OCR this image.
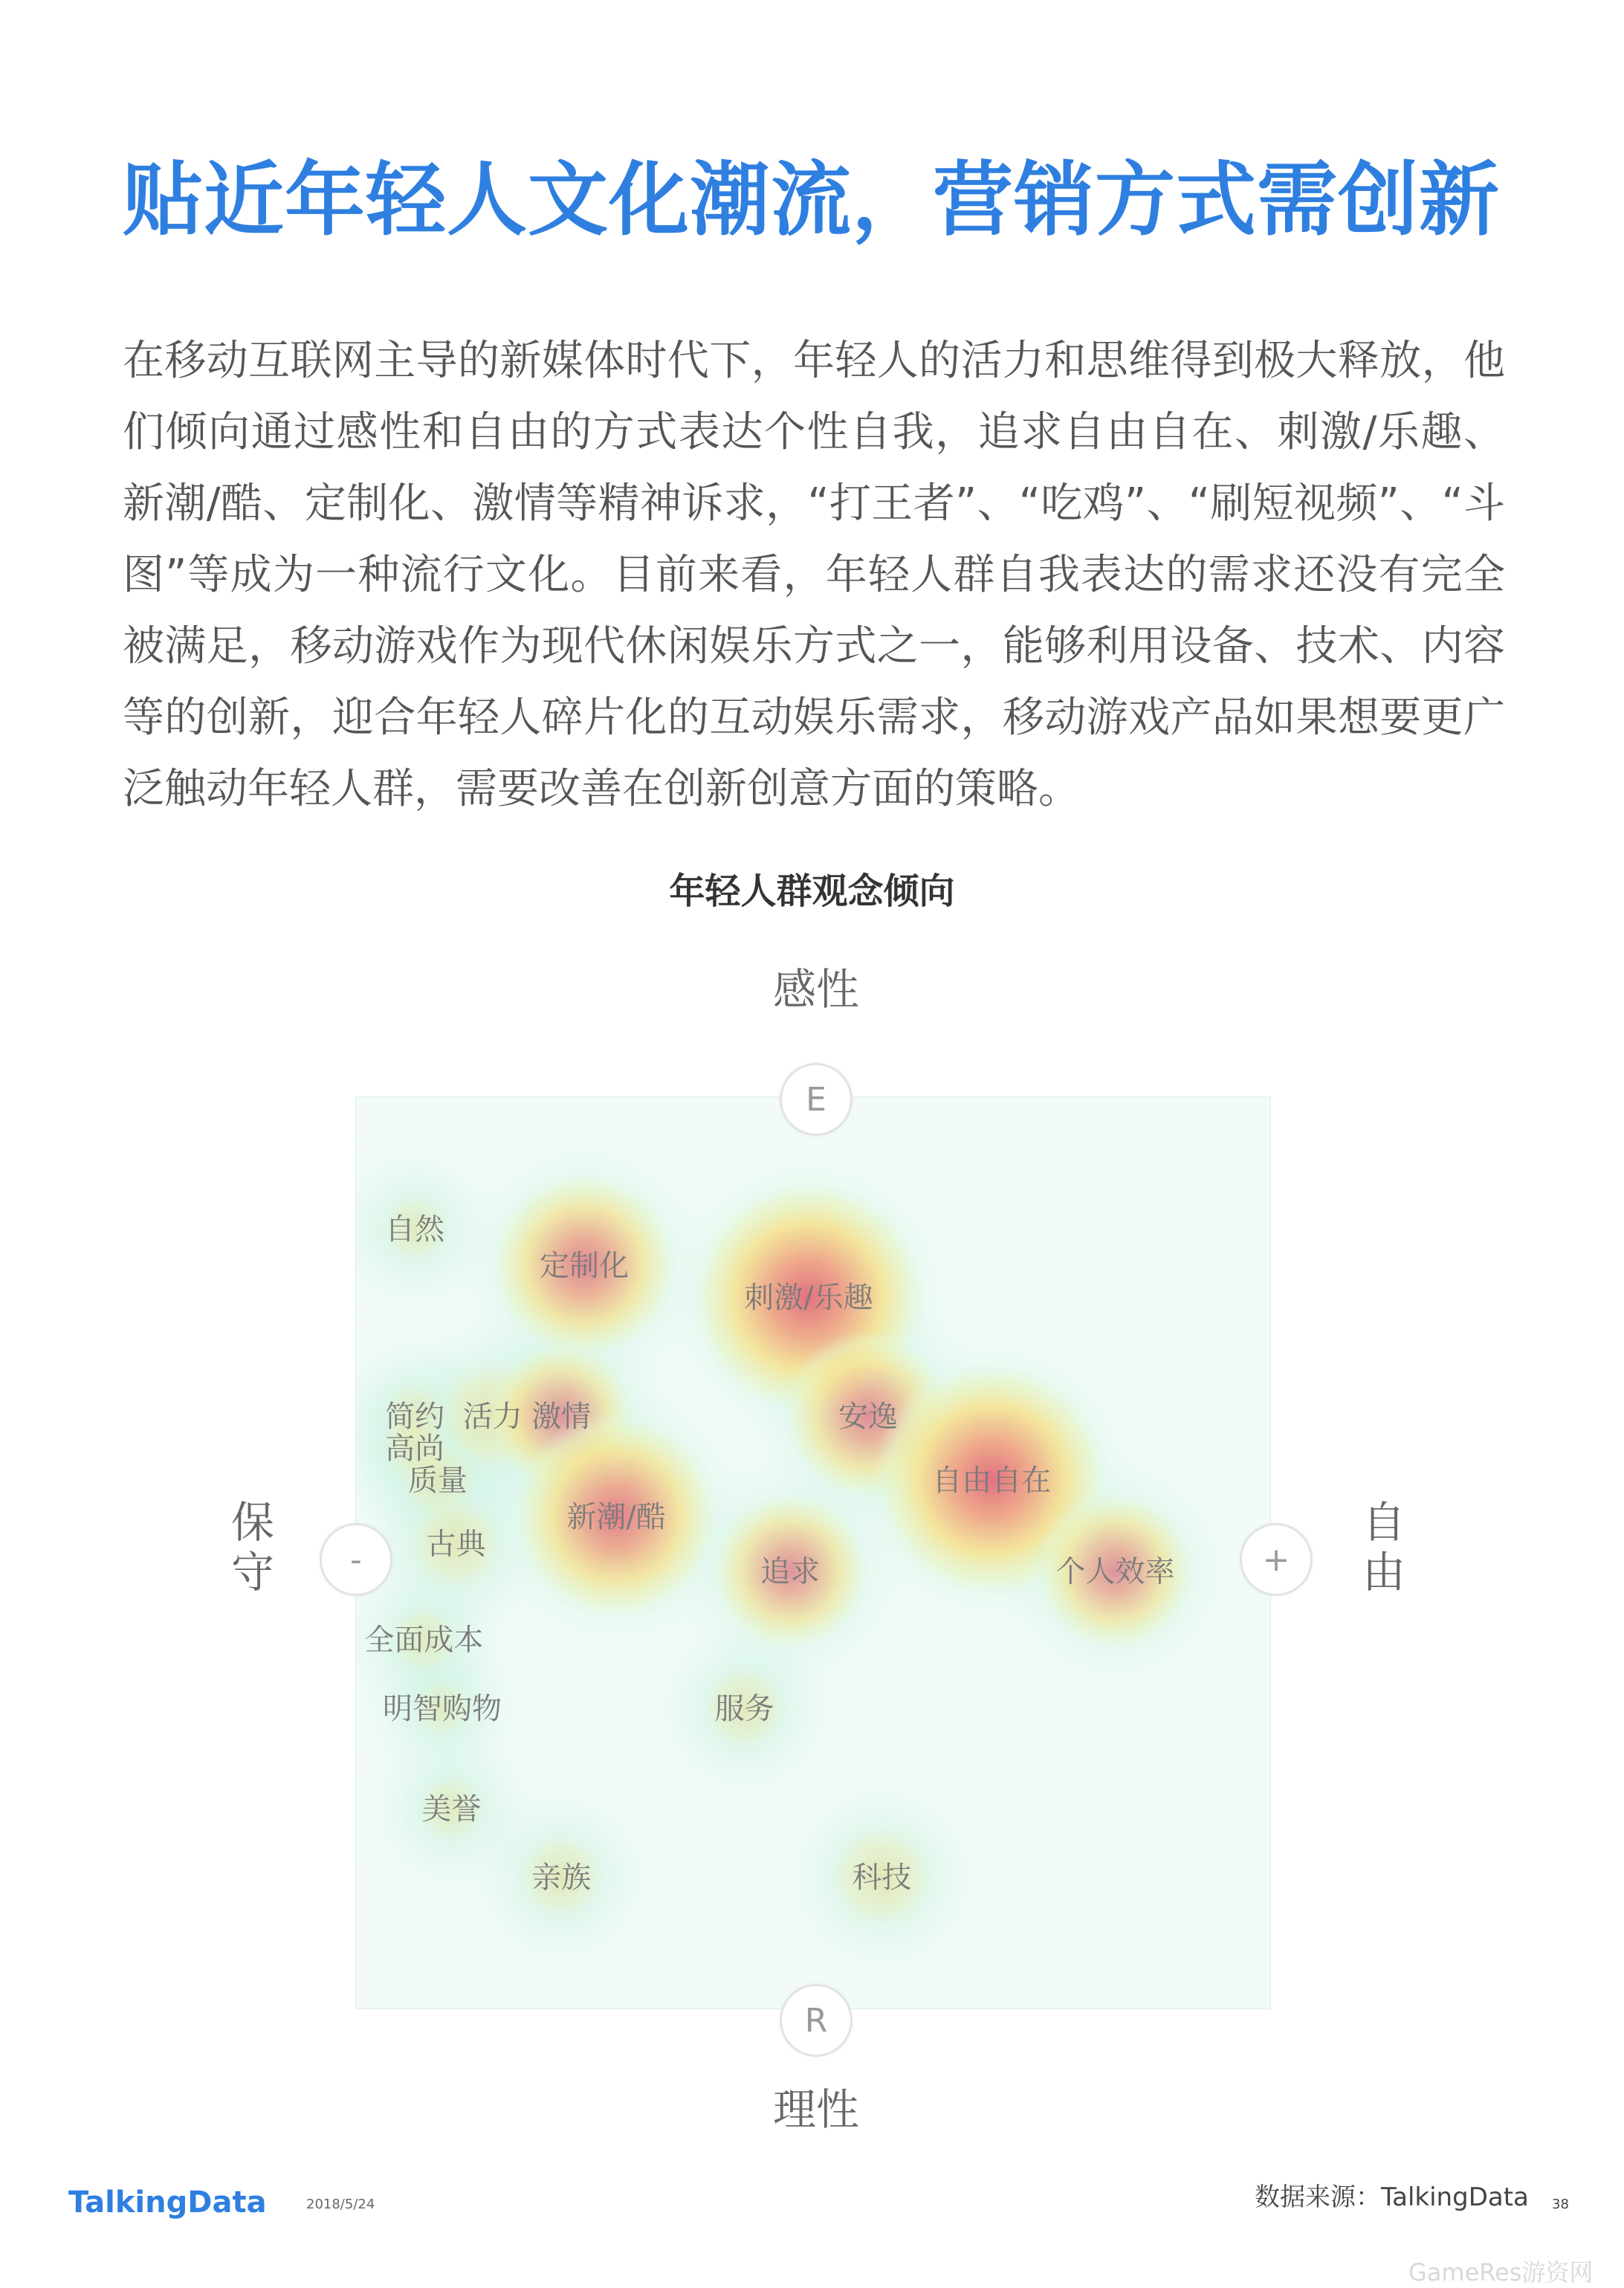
贴近年轻人文化潮流，营销方式需创新

在移动互联网主导的新媒体时代下，年轻人的活力和思维得到极大释放，他们倾向通过感性和自由的方式表达个性自我，追求自由自在、刺激/乐趣、新潮/酷、定制化、激情等精神诉求，“打王者”、“吃鸡”、“刷短视频”、“斗图”等成为一种流行文化。目前来看，年轻人群自我表达的需求还没有完全被满足，移动游戏作为现代休闲娱乐方式之一，能够利用设备、技术、内容等的创新，迎合年轻人碎片化的互动娱乐需求，移动游戏产品如果想要更广泛触动年轻人群，需要改善在创新创意方面的策略。

年轻人群观念倾向
感性
理性
保守
自由
自然
定制化
刺激/乐趣
简约
高尚
活力 激情	安逸
质量	自由自在
新潮/酷
古典
追求	个人效率
全面成本
明智购物	服务
美誉
亲族	科技
E
R
-	+
TalkingData	2018/5/24	数据来源：TalkingData 38
GameRes游资网
